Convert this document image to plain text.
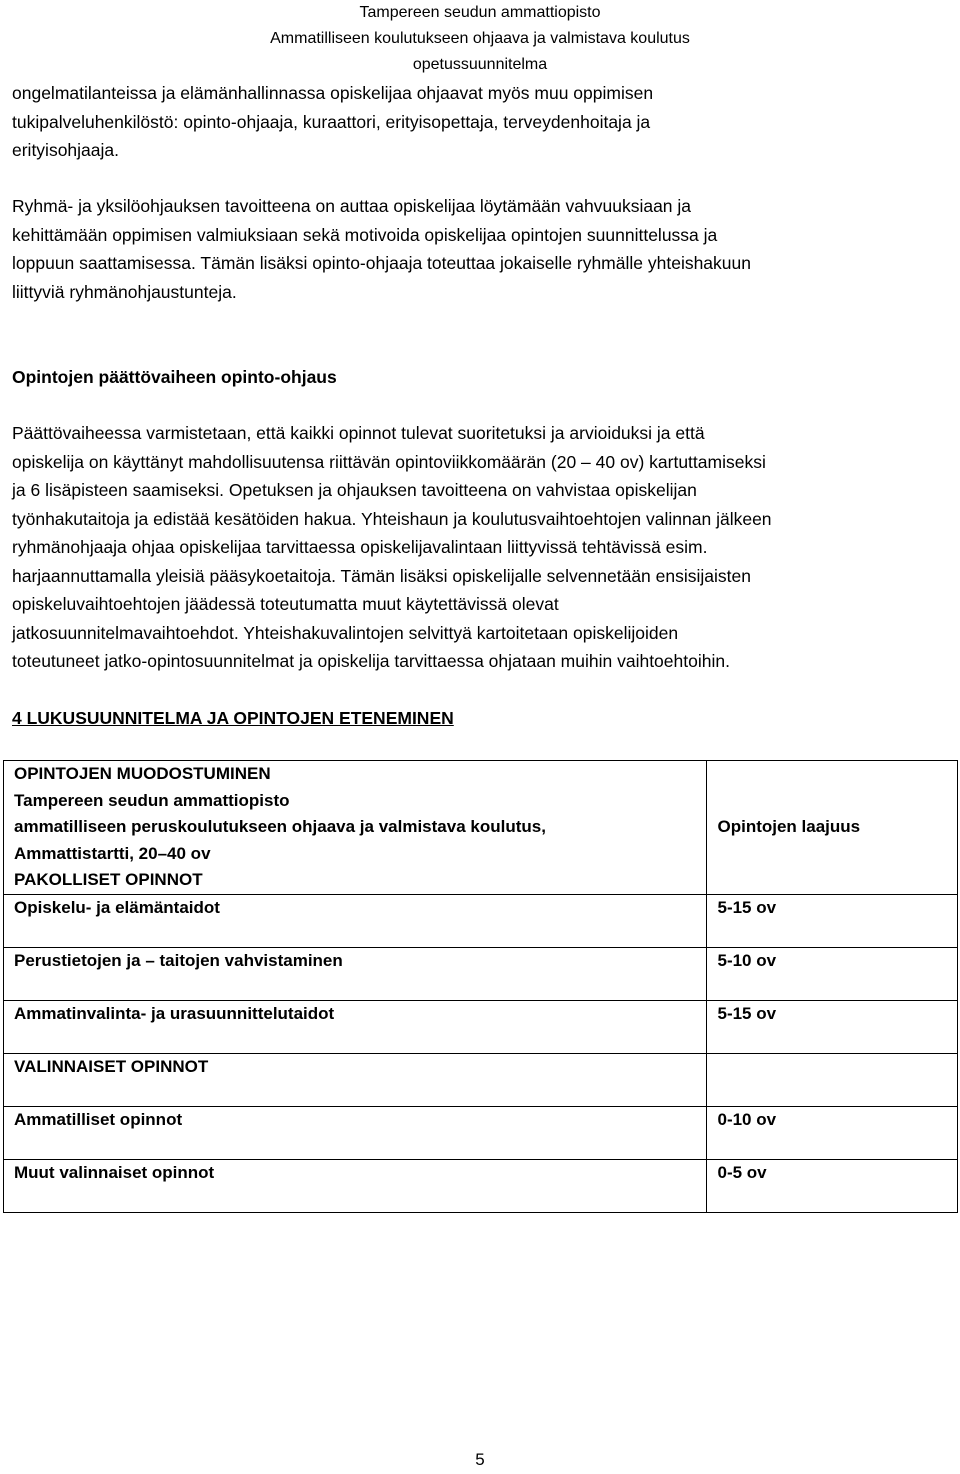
Tampereen seudun ammattiopisto
Ammatilliseen koulutukseen ohjaava ja valmistava koulutus
opetussuunnitelma

ongelmatilanteissa ja elämänhallinnassa opiskelijaa ohjaavat myös muu oppimisen
tukipalveluhenkilöstö: opinto-ohjaaja, kuraattori, erityisopettaja, terveydenhoitaja ja
erityisohjaaja.

Ryhmä- ja yksilöohjauksen tavoitteena on auttaa opiskelijaa löytämään vahvuuksiaan ja
kehittämään oppimisen valmiuksiaan sekä motivoida opiskelijaa opintojen suunnittelussa ja
loppuun saattamisessa. Tämän lisäksi opinto-ohjaaja toteuttaa jokaiselle ryhmälle yhteishakuun
liittyviä ryhmänohjaustunteja.

Opintojen päättövaiheen opinto-ohjaus

Päättövaiheessa varmistetaan, että kaikki opinnot tulevat suoritetuksi ja arvioiduksi ja että
opiskelija on käyttänyt mahdollisuutensa riittävän opintoviikkomäärän (20 – 40 ov) kartuttamiseksi
ja 6 lisäpisteen saamiseksi. Opetuksen ja ohjauksen tavoitteena on vahvistaa opiskelijan
työnhakutaitoja ja edistää kesätöiden hakua. Yhteishaun ja koulutusvaihtoehtojen valinnan jälkeen
ryhmänohjaaja ohjaa opiskelijaa tarvittaessa opiskelijavalintaan liittyvissä tehtävissä esim.
harjaannuttamalla yleisiä pääsykoetaitoja. Tämän lisäksi opiskelijalle selvennetään ensisijaisten
opiskeluvaihtoehtojen jäädessä toteutumatta muut käytettävissä olevat
jatkosuunnitelmavaihtoehdot. Yhteishakuvalintojen selvittyä kartoitetaan opiskelijoiden
toteutuneet jatko-opintosuunnitelmat ja opiskelija tarvittaessa ohjataan muihin vaihtoehtoihin.

4 LUKUSUUNNITELMA JA OPINTOJEN ETENEMINEN
OPINTOJEN MUODOSTUMINEN
Tampereen seudun ammattiopisto
ammatilliseen peruskoulutukseen ohjaava ja valmistava koulutus,
Ammattistartti, 20–40 ov
PAKOLLISET OPINNOT	Opintojen laajuus
Opiskelu- ja elämäntaidot	5-15 ov
Perustietojen ja – taitojen vahvistaminen	5-10 ov
Ammatinvalinta- ja urasuunnittelutaidot	5-15 ov
VALINNAISET OPINNOT	
Ammatilliset opinnot	0-10 ov
Muut valinnaiset opinnot	0-5 ov
5
